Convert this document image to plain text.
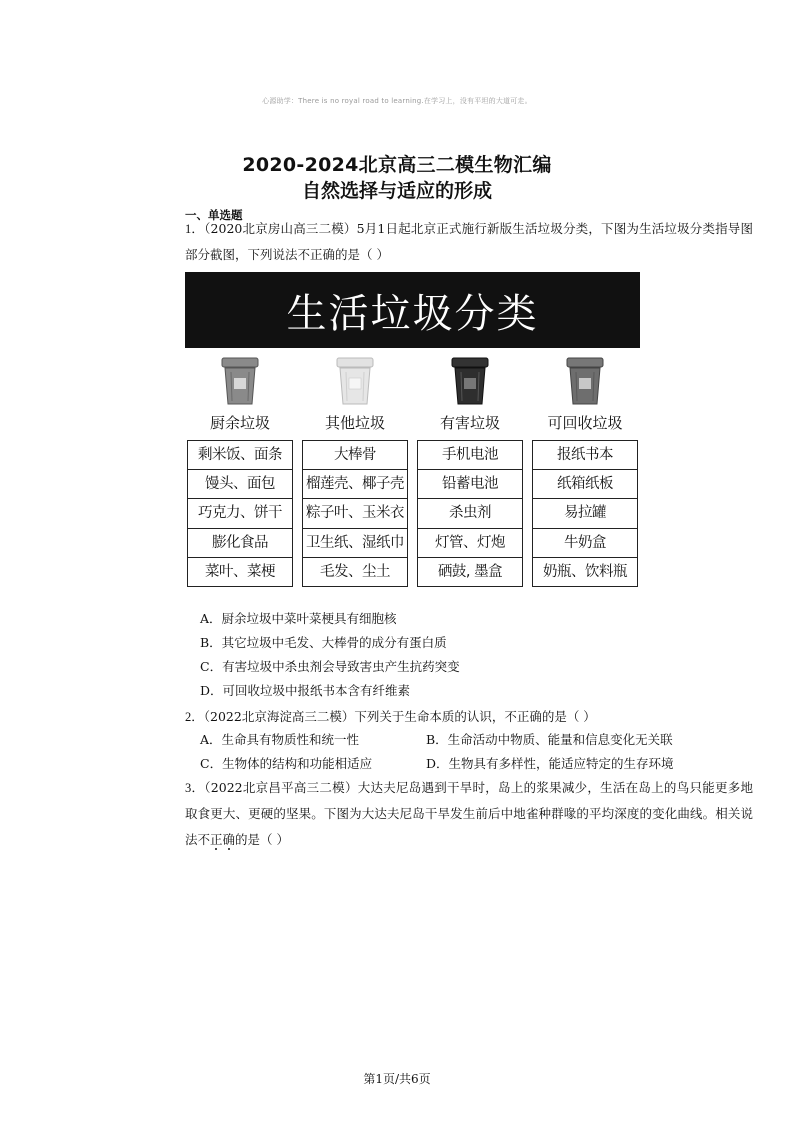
心源助学：There is no royal road to learning.在学习上，没有平坦的大道可走。
2020-2024北京高三二模生物汇编
自然选择与适应的形成
一、单选题
1．（2020北京房山高三二模）5月1日起北京正式施行新版生活垃圾分类，下图为生活垃圾分类指导图部分截图，下列说法不正确的是（ ）
生活垃圾分类
厨余垃圾
剩米饭、面条
馒头、面包
巧克力、饼干
膨化食品
菜叶、菜梗
其他垃圾
大棒骨
榴莲壳、椰子壳
粽子叶、玉米衣
卫生纸、湿纸巾
毛发、尘土
有害垃圾
手机电池
铅蓄电池
杀虫剂
灯管、灯炮
硒鼓, 墨盒
可回收垃圾
报纸书本
纸箱纸板
易拉罐
牛奶盒
奶瓶、饮料瓶
A．厨余垃圾中菜叶菜梗具有细胞核
B．其它垃圾中毛发、大棒骨的成分有蛋白质
C．有害垃圾中杀虫剂会导致害虫产生抗药突变
D．可回收垃圾中报纸书本含有纤维素
2．（2022北京海淀高三二模）下列关于生命本质的认识，不正确的是（ ）
A．生命具有物质性和统一性	B．生命活动中物质、能量和信息变化无关联
C．生物体的结构和功能相适应	D．生物具有多样性，能适应特定的生存环境
3．（2022北京昌平高三二模）大达夫尼岛遇到干旱时，岛上的浆果减少，生活在岛上的鸟只能更多地取食更大、更硬的坚果。下图为大达夫尼岛干旱发生前后中地雀种群喙的平均深度的变化曲线。相关说法不正确的是（ ）
第1页/共6页
